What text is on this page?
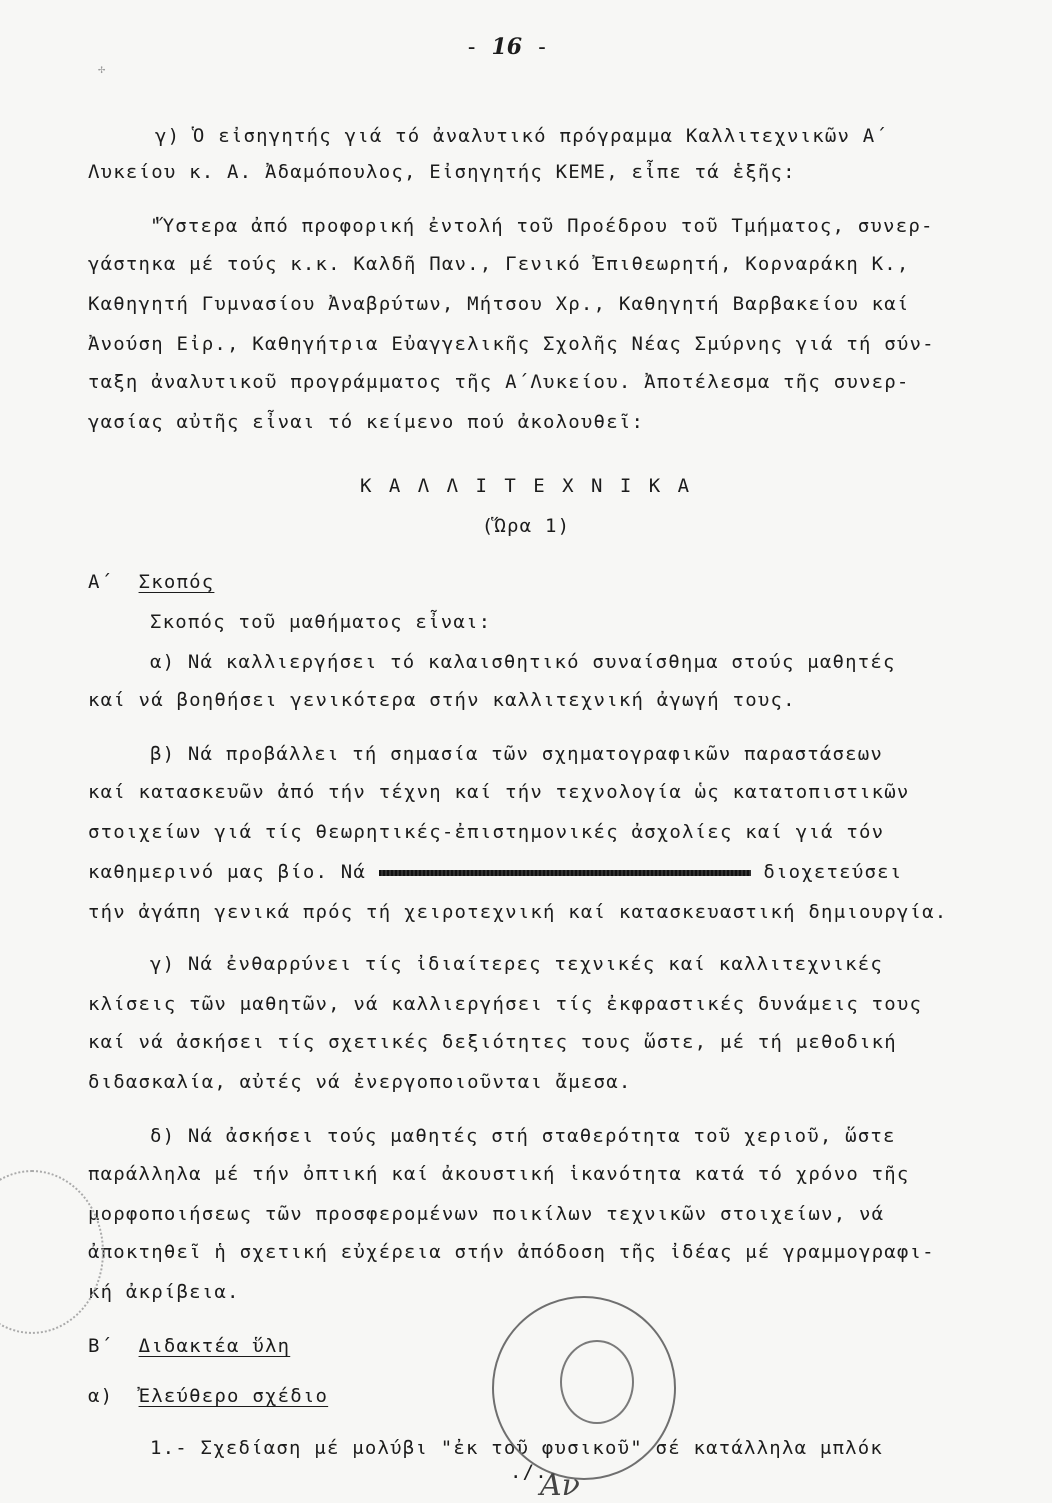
✢
- 16 -

γ) Ὁ εἰσηγητής γιά τό ἀναλυτικό πρόγραμμα Καλλιτεχνικῶν Α΄

Λυκείου κ. Α. Ἀδαμόπουλος, Εἰσηγητής ΚΕΜΕ, εἶπε τά ἑξῆς:

"Ὕστερα ἀπό προφορική ἐντολή τοῦ Προέδρου τοῦ Τμήματος, συνερ-

γάστηκα μέ τούς κ.κ. Καλδῆ Παν., Γενικό Ἐπιθεωρητή, Κορναράκη Κ.,

Καθηγητή Γυμνασίου Ἀναβρύτων, Μήτσου Χρ., Καθηγητή Βαρβακείου καί

Ἀνούση Εἰρ., Καθηγήτρια Εὐαγγελικῆς Σχολῆς Νέας Σμύρνης γιά τή σύν-

ταξη ἀναλυτικοῦ προγράμματος τῆς Α΄Λυκείου. Ἀποτέλεσμα τῆς συνερ-

γασίας αὐτῆς εἶναι τό κείμενο πού ἀκολουθεῖ:

Κ Α Λ Λ Ι Τ Ε Χ Ν Ι Κ Α

(Ὥρα 1)

Α΄ Σκοπός

Σκοπός τοῦ μαθήματος εἶναι:

α) Νά καλλιεργήσει τό καλαισθητικό συναίσθημα στούς μαθητές

καί νά βοηθήσει γενικότερα στήν καλλιτεχνική ἀγωγή τους.

β) Νά προβάλλει τή σημασία τῶν σχηματογραφικῶν παραστάσεων

καί κατασκευῶν ἀπό τήν τέχνη καί τήν τεχνολογία ὡς κατατοπιστικῶν

στοιχείων γιά τίς θεωρητικές-ἐπιστημονικές ἀσχολίες καί γιά τόν

καθημερινό μας βίο. Νά	διοχετεύσει

τήν ἀγάπη γενικά πρός τή χειροτεχνική καί κατασκευαστική δημιουργία.

γ) Νά ἐνθαρρύνει τίς ἰδιαίτερες τεχνικές καί καλλιτεχνικές

κλίσεις τῶν μαθητῶν, νά καλλιεργήσει τίς ἐκφραστικές δυνάμεις τους

καί νά ἀσκήσει τίς σχετικές δεξιότητες τους ὥστε, μέ τή μεθοδική

διδασκαλία, αὐτές νά ἐνεργοποιοῦνται ἄμεσα.

δ) Νά ἀσκήσει τούς μαθητές στή σταθερότητα τοῦ χεριοῦ, ὥστε

παράλληλα μέ τήν ὀπτική καί ἀκουστική ἱκανότητα κατά τό χρόνο τῆς

μορφοποιήσεως τῶν προσφερομένων ποικίλων τεχνικῶν στοιχείων, νά

ἀποκτηθεῖ ἡ σχετική εὐχέρεια στήν ἀπόδοση τῆς ἰδέας μέ γραμμογραφι-

κή ἀκρίβεια.

Β΄ Διδακτέα ὕλη

α) Ἐλεύθερο σχέδιο

1.- Σχεδίαση μέ μολύβι "ἐκ τοῦ φυσικοῦ" σέ κατάλληλα μπλόκ

./.

Αν
